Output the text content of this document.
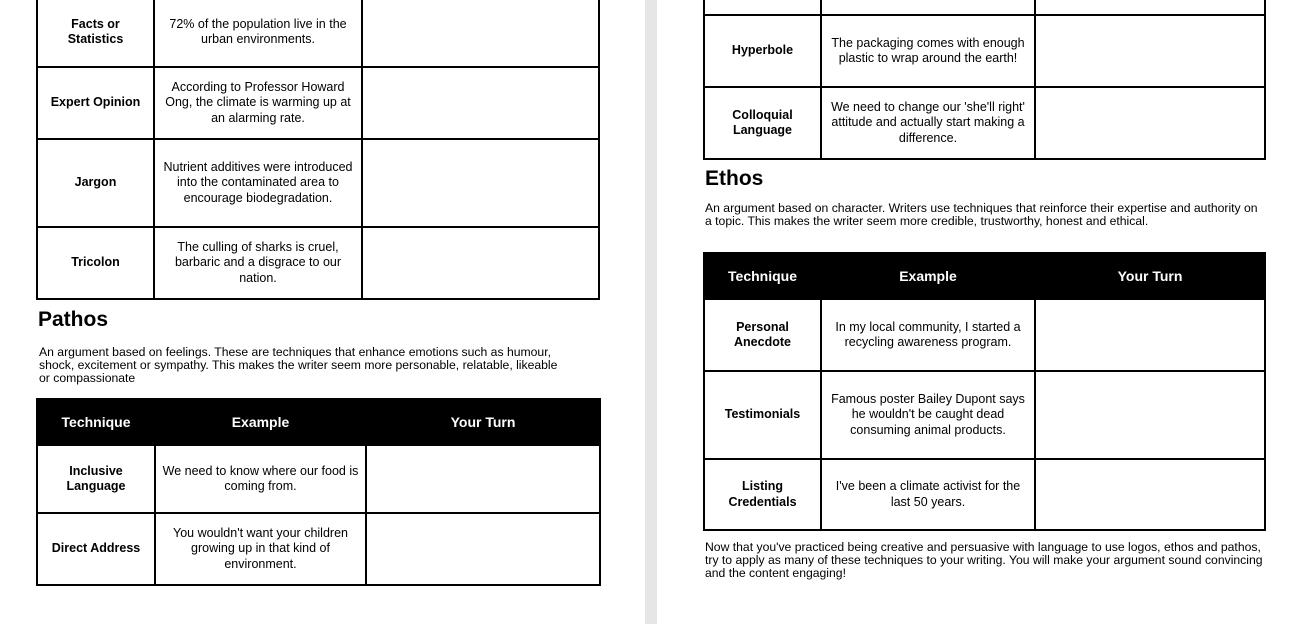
Facts or Statistics	72% of the population live in the urban environments.	
Expert Opinion	According to Professor Howard Ong, the climate is warming up at an alarming rate.	
Jargon	Nutrient additives were introduced into the contaminated area to encourage biodegradation.	
Tricolon	The culling of sharks is cruel, barbaric and a disgrace to our nation.	
Pathos

An argument based on feelings. These are techniques that enhance emotions such as humour, shock, excitement or sympathy. This makes the writer seem more personable, relatable, likeable or compassionate

Technique	Example	Your Turn
Inclusive Language	We need to know where our food is coming from.	
Direct Address	You wouldn't want your children growing up in that kind of environment.	

Hyperbole	The packaging comes with enough plastic to wrap around the earth!	
Colloquial Language	We need to change our 'she'll right' attitude and actually start making a difference.	
Ethos

An argument based on character. Writers use techniques that reinforce their expertise and authority on a topic. This makes the writer seem more credible, trustworthy, honest and ethical.

Technique	Example	Your Turn
Personal Anecdote	In my local community, I started a recycling awareness program.	
Testimonials	Famous poster Bailey Dupont says he wouldn't be caught dead consuming animal products.	
Listing Credentials	I've been a climate activist for the last 50 years.	

Now that you've practiced being creative and persuasive with language to use logos, ethos and pathos, try to apply as many of these techniques to your writing. You will make your argument sound convincing and the content engaging!
